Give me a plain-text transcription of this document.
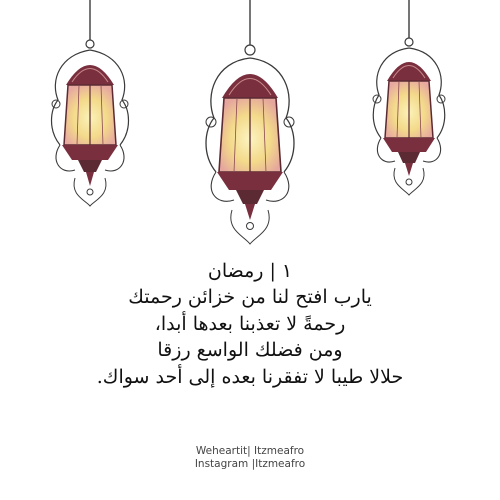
١|رمضان
يارب افتح لنا من خزائن رحمتك
رحمةً لا تعذبنا بعدها أبدا،
ومن فضلك الواسع رزقا
حلالا طيبا لا تفقرنا بعده إلى أحد سواك.
Weheartit| Itzmeafro
Instagram |Itzmeafro
